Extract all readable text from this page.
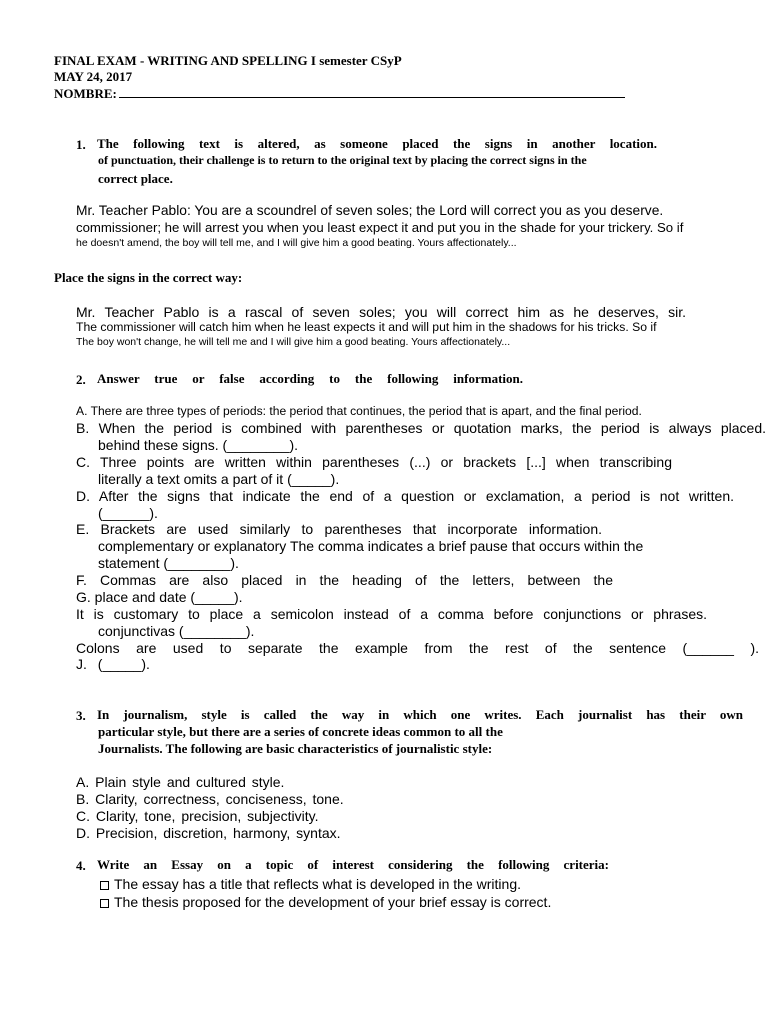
FINAL EXAM - WRITING AND SPELLING I semester CSyP
MAY 24, 2017
NOMBRE:
1. The following text is altered, as someone placed the signs in another location.
of punctuation, their challenge is to return to the original text by placing the correct signs in the
correct place.
Mr. Teacher Pablo: You are a scoundrel of seven soles; the Lord will correct you as you deserve.
commissioner; he will arrest you when you least expect it and put you in the shade for your trickery. So if
he doesn't amend, the boy will tell me, and I will give him a good beating. Yours affectionately...
Place the signs in the correct way:
Mr. Teacher Pablo is a rascal of seven soles; you will correct him as he deserves, sir.
The commissioner will catch him when he least expects it and will put him in the shadows for his tricks. So if
The boy won't change, he will tell me and I will give him a good beating. Yours affectionately...
2. Answer true or false according to the following information.
A. There are three types of periods: the period that continues, the period that is apart, and the final period.
B. When the period is combined with parentheses or quotation marks, the period is always placed.
behind these signs. (________).
C. Three points are written within parentheses (...) or brackets [...] when transcribing
literally a text omits a part of it (_____).
D. After the signs that indicate the end of a question or exclamation, a period is not written.
(______).
E. Brackets are used similarly to parentheses that incorporate information.
complementary or explanatory The comma indicates a brief pause that occurs within the
statement (________).
F. Commas are also placed in the heading of the letters, between the
G. place and date (_____).
It is customary to place a semicolon instead of a comma before conjunctions or phrases.
conjunctivas (________).
Colons are used to separate the example from the rest of the sentence (______ ).
J. (_____).
3. In journalism, style is called the way in which one writes. Each journalist has their own
particular style, but there are a series of concrete ideas common to all the
Journalists. The following are basic characteristics of journalistic style:
A. Plain style and cultured style.
B. Clarity, correctness, conciseness, tone.
C. Clarity, tone, precision, subjectivity.
D. Precision, discretion, harmony, syntax.
4. Write an Essay on a topic of interest considering the following criteria:
The essay has a title that reflects what is developed in the writing.
The thesis proposed for the development of your brief essay is correct.
